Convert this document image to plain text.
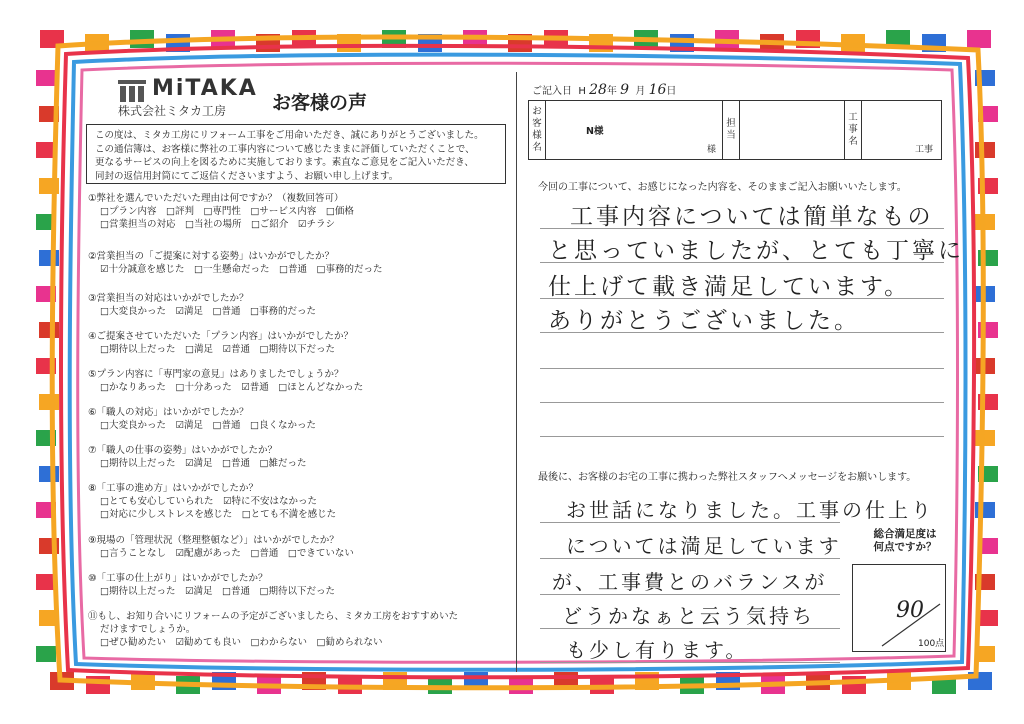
MiTAKA
株式会社ミタカ工房 お客様の声
この度は、ミタカ工房にリフォーム工事をご用命いただき、誠にありがとうございました。
この通信簿は、お客様に弊社の工事内容について感じたままに評価していただくことで、
更なるサービスの向上を図るために実施しております。素直なご意見をご記入いただき、
同封の返信用封筒にてご返信くださいますよう、お願い申し上げます。
①弊社を選んでいただいた理由は何ですか？（複数回答可）
□プラン内容　□評判　□専門性　□サービス内容　□価格
□営業担当の対応　□当社の場所　□ご紹介　☑チラシ
②営業担当の「ご提案に対する姿勢」はいかがでしたか？
☑十分誠意を感じた　□一生懸命だった　□普通　□事務的だった
③営業担当の対応はいかがでしたか？
□大変良かった　☑満足　□普通　□事務的だった
④ご提案させていただいた「プラン内容」はいかがでしたか？
□期待以上だった　□満足　☑普通　□期待以下だった
⑤プラン内容に「専門家の意見」はありましたでしょうか？
□かなりあった　□十分あった　☑普通　□ほとんどなかった
⑥「職人の対応」はいかがでしたか？
□大変良かった　☑満足　□普通　□良くなかった
⑦「職人の仕事の姿勢」はいかがでしたか？
□期待以上だった　☑満足　□普通　□雑だった
⑧「工事の進め方」はいかがでしたか？
□とても安心していられた　☑特に不安はなかった
□対応に少しストレスを感じた　□とても不満を感じた
⑨現場の「管理状況（整理整頓など）」はいかがでしたか？
□言うことなし　☑配慮があった　□普通　□できていない
⑩「工事の仕上がり」はいかがでしたか？
□期待以上だった　☑満足　□普通　□期待以下だった
⑪もし、お知り合いにリフォームの予定がございましたら、ミタカ工房をおすすめいた
だけますでしょうか。
□ぜひ勧めたい　☑勧めても良い　□わからない　□勧められない
ご記入日 H 28年 9 月 16日
お
客
様
名
	N様
様

担
当

工
事
名

工事
今回の工事について、お感じになった内容を、そのままご記入お願いいたします。
工事内容については簡単なもの
と思っていましたが、とても丁寧に
仕上げて載き満足しています。
ありがとうございました。
最後に、お客様のお宅の工事に携わった弊社スタッフへメッセージをお願いします。
お世話になりました。工事の仕上り
については満足しています
が、工事費とのバランスが
どうかなぁと云う気持ち
も少し有ります。
総合満足度は
何点ですか？
90
100点
